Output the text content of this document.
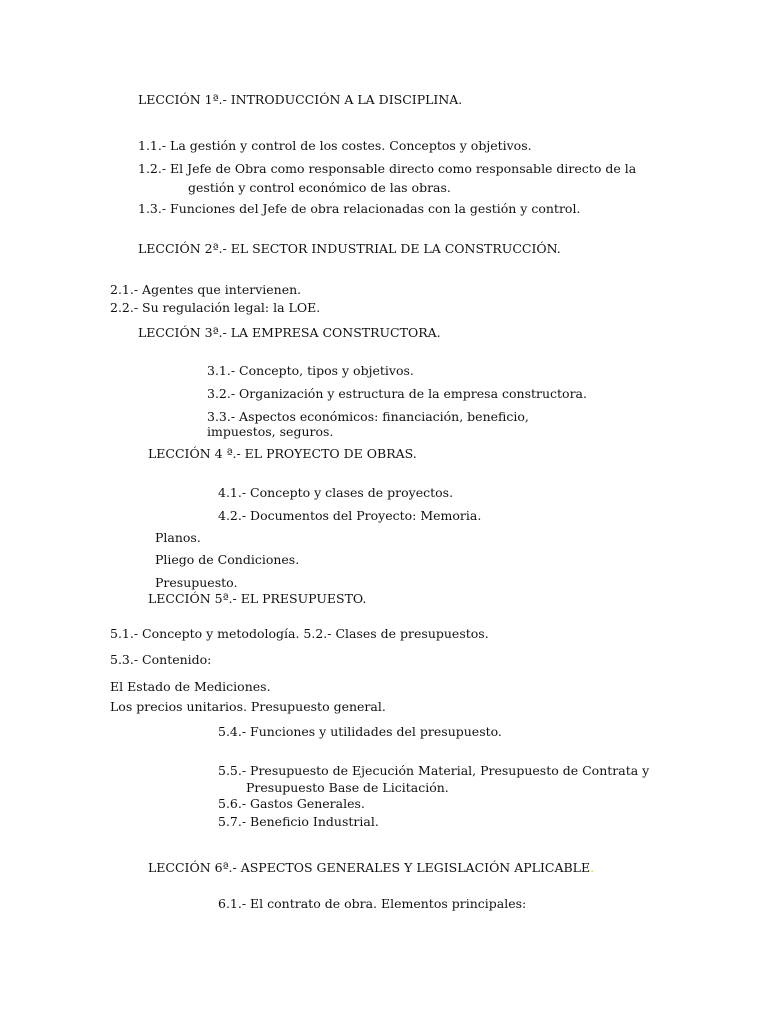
LECCIÓN 1ª.- INTRODUCCIÓN A LA DISCIPLINA.
1.1.- La gestión y control de los costes. Conceptos y objetivos.
1.2.- El Jefe de Obra como responsable directo como responsable directo de la
gestión y control económico de las obras.
1.3.- Funciones del Jefe de obra relacionadas con la gestión y control.
LECCIÓN 2ª.- EL SECTOR INDUSTRIAL DE LA CONSTRUCCIÓN.
2.1.- Agentes que intervienen.
2.2.- Su regulación legal: la LOE.
LECCIÓN 3ª.- LA EMPRESA CONSTRUCTORA.
3.1.- Concepto, tipos y objetivos.
3.2.- Organización y estructura de la empresa constructora.
3.3.- Aspectos económicos: financiación, beneficio,
impuestos, seguros.
LECCIÓN 4 ª.- EL PROYECTO DE OBRAS.
4.1.- Concepto y clases de proyectos.
4.2.- Documentos del Proyecto: Memoria.
Planos.
Pliego de Condiciones.
Presupuesto.
LECCIÓN 5ª.- EL PRESUPUESTO.
5.1.- Concepto y metodología. 5.2.- Clases de presupuestos.
5.3.- Contenido:
El Estado de Mediciones.
Los precios unitarios. Presupuesto general.
5.4.- Funciones y utilidades del presupuesto.
5.5.- Presupuesto de Ejecución Material, Presupuesto de Contrata y
Presupuesto Base de Licitación.
5.6.- Gastos Generales.
5.7.- Beneficio Industrial.
LECCIÓN 6ª.- ASPECTOS GENERALES Y LEGISLACIÓN APLICABLE.
6.1.- El contrato de obra. Elementos principales:
